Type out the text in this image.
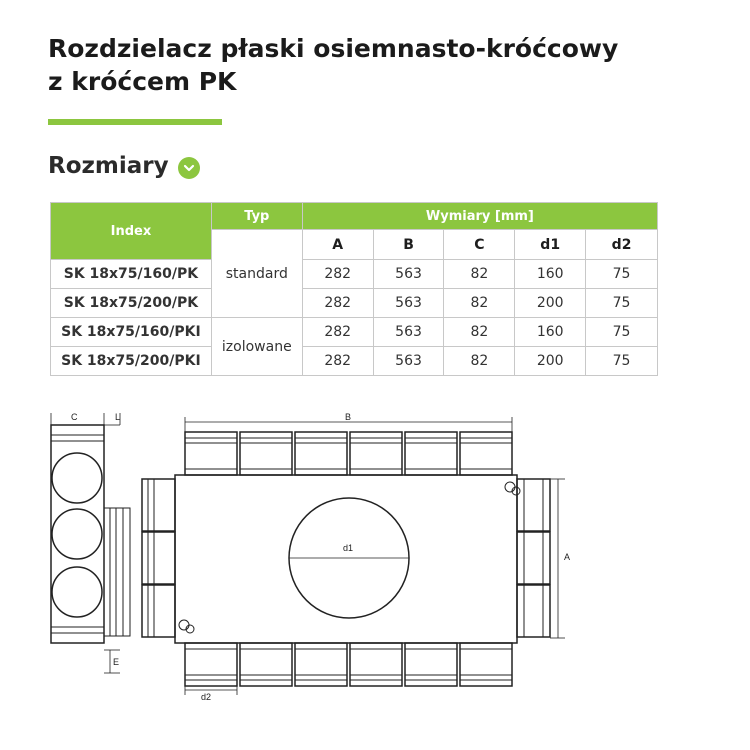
Rozdzielacz płaski osiemnasto-króćcowy
z króćcem PK
Rozmiary
Index	Typ	Wymiary [mm]				
	standard	A	B	C	d1	d2
SK 18x75/160/PK		282	563	82	160	75
SK 18x75/200/PK		282	563	82	200	75
SK 18x75/160/PKI	izolowane	282	563	82	160	75
SK 18x75/200/PKI		282	563	82	200	75
C	L
E
B
A
d1
d2
